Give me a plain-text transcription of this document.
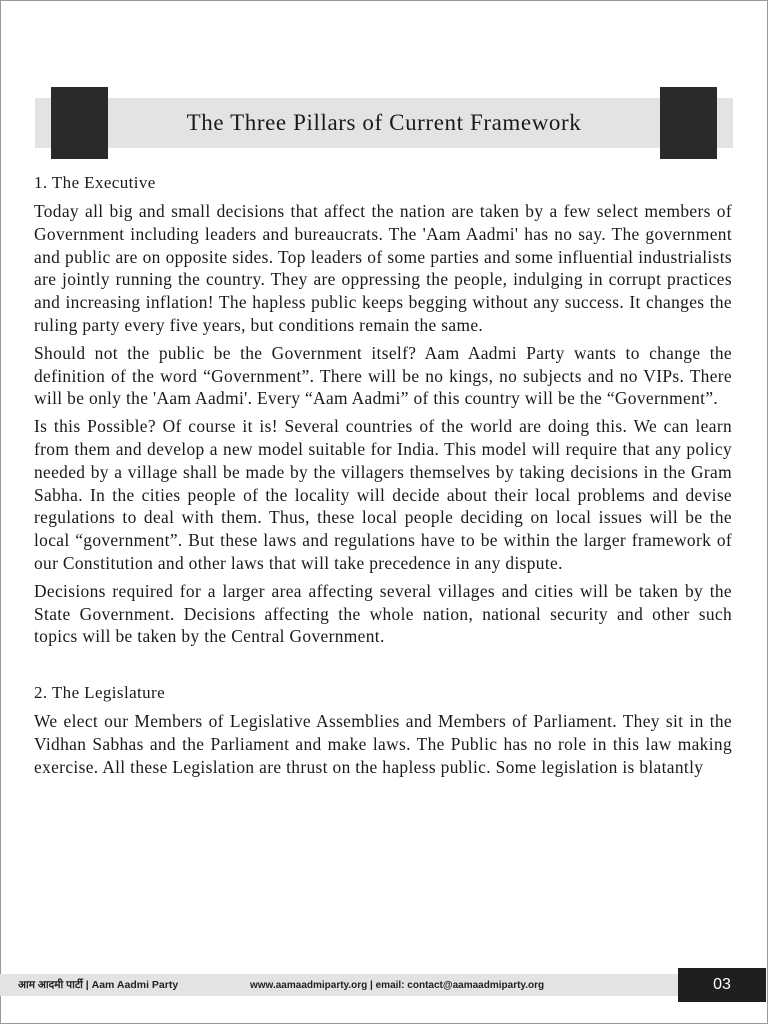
The Three Pillars of Current Framework

1. The Executive

Today all big and small decisions that affect the nation are taken by a few select members of Government including leaders and bureaucrats. The 'Aam Aadmi' has no say. The government and public are on opposite sides. Top leaders of some parties and some influential industrialists are jointly running the country. They are oppressing the people, indulging in corrupt practices and increasing inflation! The hapless public keeps begging without any success. It changes the ruling party every five years, but conditions remain the same.

Should not the public be the Government itself? Aam Aadmi Party wants to change the definition of the word “Government”. There will be no kings, no subjects and no VIPs. There will be only the 'Aam Aadmi'. Every “Aam Aadmi” of this country will be the “Government”.

Is this Possible? Of course it is! Several countries of the world are doing this. We can learn from them and develop a new model suitable for India. This model will require that any policy needed by a village shall be made by the villagers themselves by taking decisions in the Gram Sabha. In the cities people of the locality will decide about their local problems and devise regulations to deal with them. Thus, these local people deciding on local issues will be the local “government”. But these laws and regulations have to be within the larger framework of our Constitution and other laws that will take precedence in any dispute.

Decisions required for a larger area affecting several villages and cities will be taken by the State Government. Decisions affecting the whole nation, national security and other such topics will be taken by the Central Government.

2. The Legislature

We elect our Members of Legislative Assemblies and Members of Parliament. They sit in the Vidhan Sabhas and the Parliament and make laws. The Public has no role in this law making exercise. All these Legislation are thrust on the hapless public. Some legislation is blatantly

आम आदमी पार्टी | Aam Aadmi Party	www.aamaadmiparty.org | email: contact@aamaadmiparty.org	03
